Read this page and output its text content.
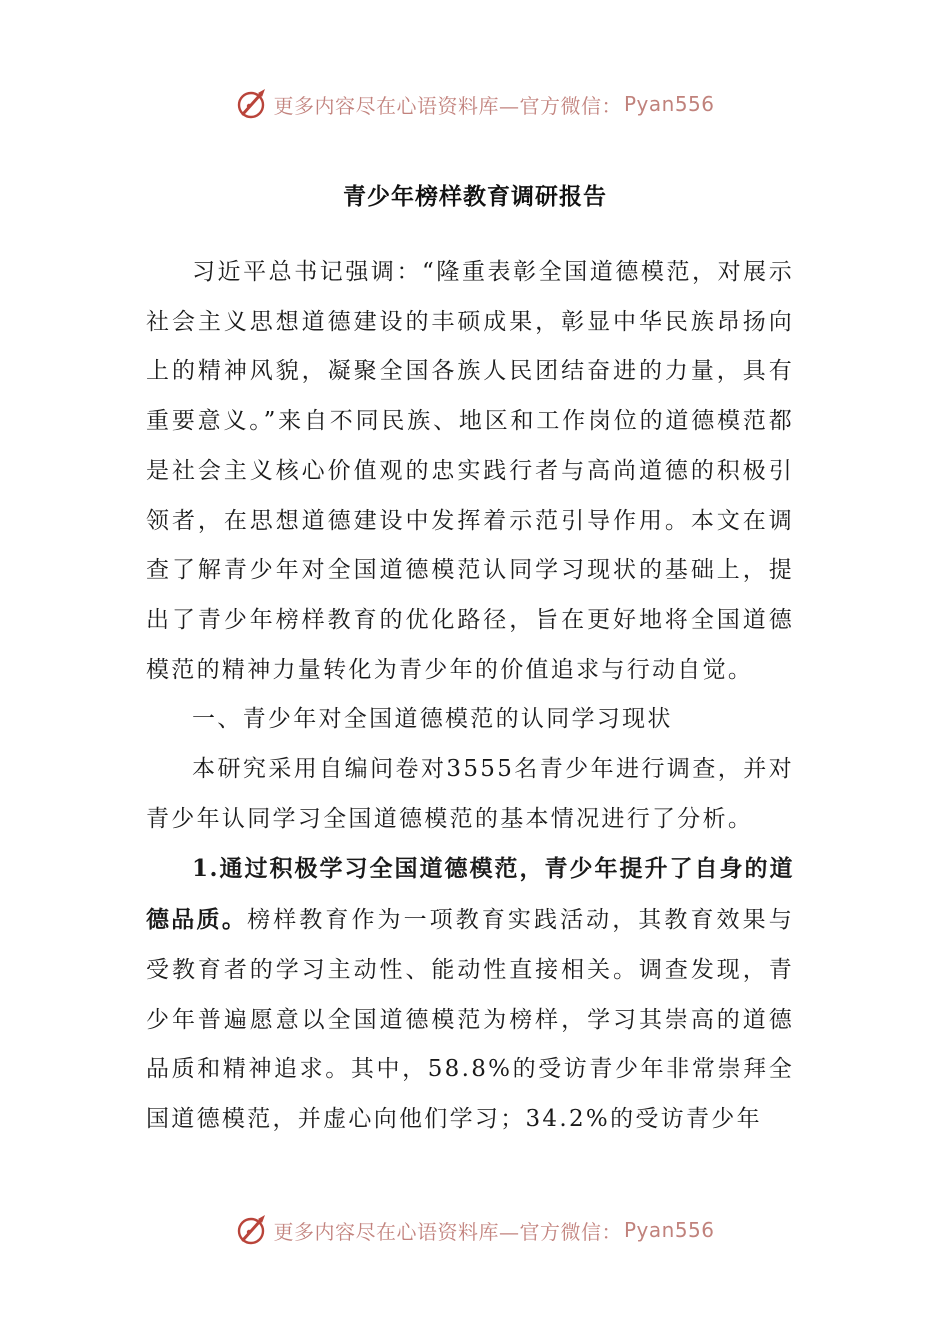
更多内容尽在心语资料库—官方微信： Pyan556
青少年榜样教育调研报告

习近平总书记强调：“隆重表彰全国道德模范，对展示社会主义思想道德建设的丰硕成果，彰显中华民族昂扬向上的精神风貌，凝聚全国各族人民团结奋进的力量，具有重要意义。”来自不同民族、地区和工作岗位的道德模范都是社会主义核心价值观的忠实践行者与高尚道德的积极引领者，在思想道德建设中发挥着示范引导作用。本文在调查了解青少年对全国道德模范认同学习现状的基础上，提出了青少年榜样教育的优化路径，旨在更好地将全国道德模范的精神力量转化为青少年的价值追求与行动自觉。

一、青少年对全国道德模范的认同学习现状

本研究采用自编问卷对3555名青少年进行调查，并对青少年认同学习全国道德模范的基本情况进行了分析。

1.通过积极学习全国道德模范，青少年提升了自身的道德品质。榜样教育作为一项教育实践活动，其教育效果与受教育者的学习主动性、能动性直接相关。调查发现，青少年普遍愿意以全国道德模范为榜样，学习其崇高的道德品质和精神追求。其中，58.8%的受访青少年非常崇拜全国道德模范，并虚心向他们学习；34.2%的受访青少年

更多内容尽在心语资料库—官方微信： Pyan556
